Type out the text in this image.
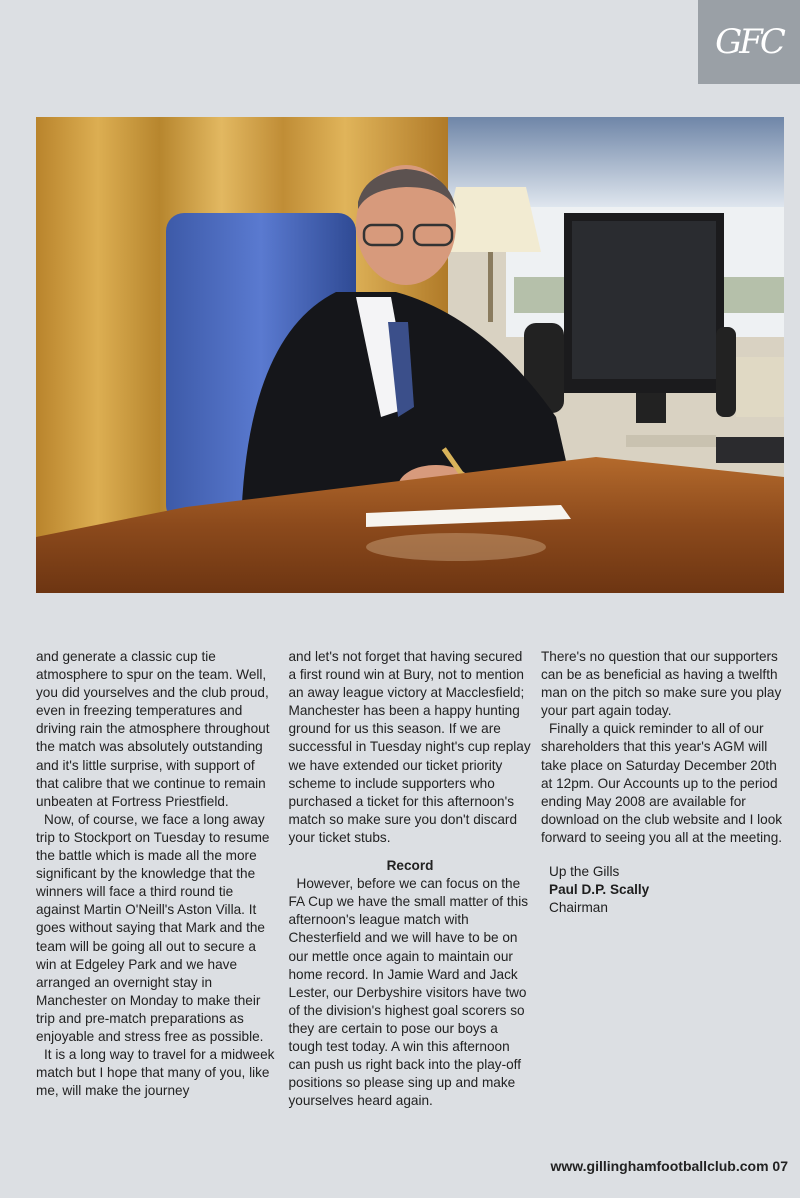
GFC

and generate a classic cup tie atmosphere to spur on the team. Well, you did yourselves and the club proud, even in freezing temperatures and driving rain the atmosphere throughout the match was absolutely outstanding and it's little surprise, with support of that calibre that we continue to remain unbeaten at Fortress Priestfield.

Now, of course, we face a long away trip to Stockport on Tuesday to resume the battle which is made all the more significant by the knowledge that the winners will face a third round tie against Martin O'Neill's Aston Villa. It goes without saying that Mark and the team will be going all out to secure a win at Edgeley Park and we have arranged an overnight stay in Manchester on Monday to make their trip and pre-match preparations as enjoyable and stress free as possible.

It is a long way to travel for a midweek match but I hope that many of you, like me, will make the journey

and let's not forget that having secured a first round win at Bury, not to mention an away league victory at Macclesfield; Manchester has been a happy hunting ground for us this season. If we are successful in Tuesday night's cup replay we have extended our ticket priority scheme to include supporters who purchased a ticket for this afternoon's match so make sure you don't discard your ticket stubs.

Record

However, before we can focus on the FA Cup we have the small matter of this afternoon's league match with Chesterfield and we will have to be on our mettle once again to maintain our home record. In Jamie Ward and Jack Lester, our Derbyshire visitors have two of the division's highest goal scorers so they are certain to pose our boys a tough test today. A win this afternoon can push us right back into the play-off positions so please sing up and make yourselves heard again.

There's no question that our supporters can be as beneficial as having a twelfth man on the pitch so make sure you play your part again today.

Finally a quick reminder to all of our shareholders that this year's AGM will take place on Saturday December 20th at 12pm. Our Accounts up to the period ending May 2008 are available for download on the club website and I look forward to seeing you all at the meeting.

Up the Gills
Paul D.P. Scally
Chairman
www.gillinghamfootballclub.com 07
